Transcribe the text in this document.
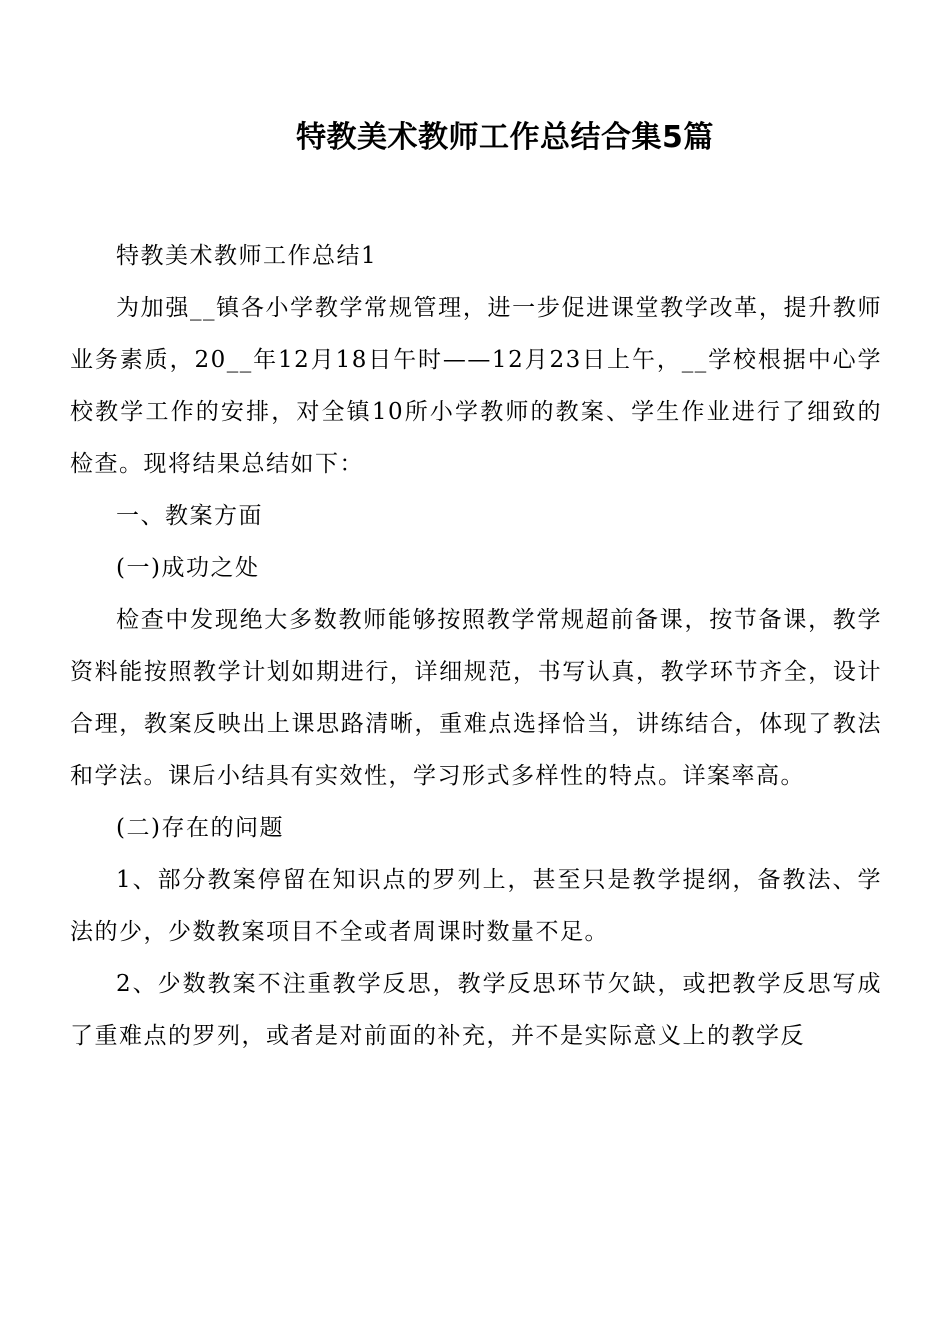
特教美术教师工作总结合集5篇

特教美术教师工作总结1

为加强__镇各小学教学常规管理，进一步促进课堂教学改革，提升教师业务素质，20__年12月18日午时——12月23日上午，__学校根据中心学校教学工作的安排，对全镇10所小学教师的教案、学生作业进行了细致的检查。现将结果总结如下：

一、教案方面

(一)成功之处

检查中发现绝大多数教师能够按照教学常规超前备课，按节备课，教学资料能按照教学计划如期进行，详细规范，书写认真，教学环节齐全，设计合理，教案反映出上课思路清晰，重难点选择恰当，讲练结合，体现了教法和学法。课后小结具有实效性，学习形式多样性的特点。详案率高。

(二)存在的问题

1、部分教案停留在知识点的罗列上，甚至只是教学提纲，备教法、学法的少，少数教案项目不全或者周课时数量不足。

2、少数教案不注重教学反思，教学反思环节欠缺，或把教学反思写成了重难点的罗列，或者是对前面的补充，并不是实际意义上的教学反
